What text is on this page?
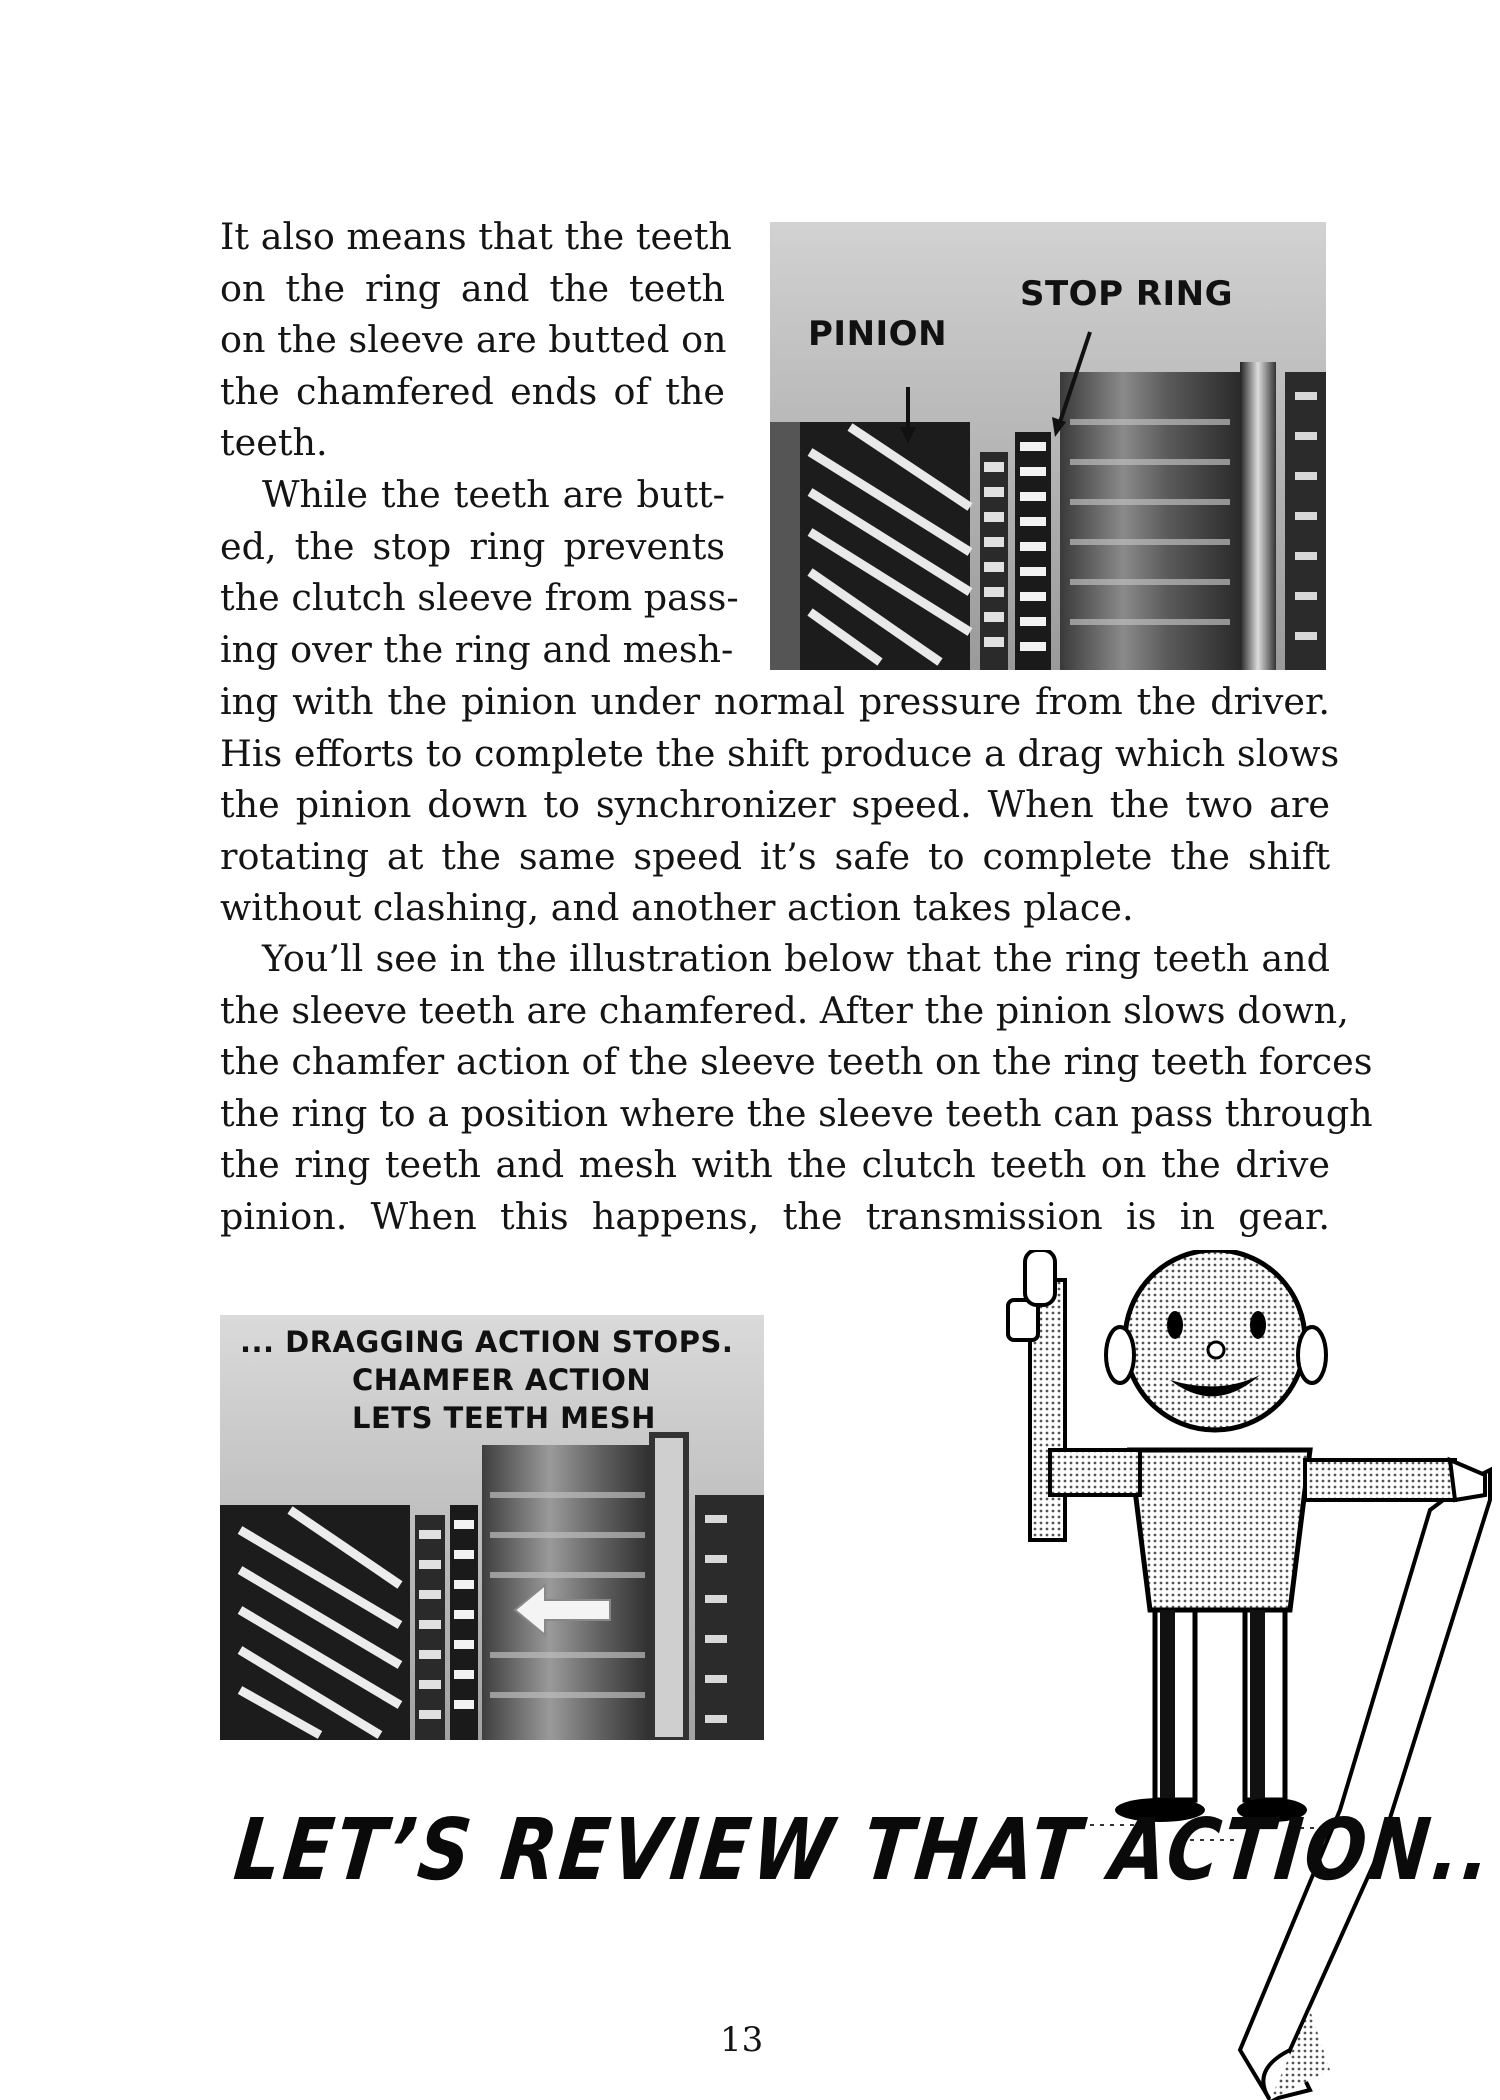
It also means that the teeth
on the ring and the teeth
on the sleeve are butted on
the chamfered ends of the
teeth.
While the teeth are butt-
ed, the stop ring prevents
the clutch sleeve from pass-
ing over the ring and mesh-
ing with the pinion under normal pressure from the driver.
His efforts to complete the shift produce a drag which slows
the pinion down to synchronizer speed. When the two are
rotating at the same speed it’s safe to complete the shift
without clashing, and another action takes place.
You’ll see in the illustration below that the ring teeth and
the sleeve teeth are chamfered. After the pinion slows down,
the chamfer action of the sleeve teeth on the ring teeth forces
the ring to a position where the sleeve teeth can pass through
the ring teeth and mesh with the clutch teeth on the drive
pinion. When this happens, the transmission is in gear.
PINION
STOP RING
... DRAGGING ACTION STOPS.
CHAMFER ACTION
LETS TEETH MESH
LET’S REVIEW THAT ACTION..
13
